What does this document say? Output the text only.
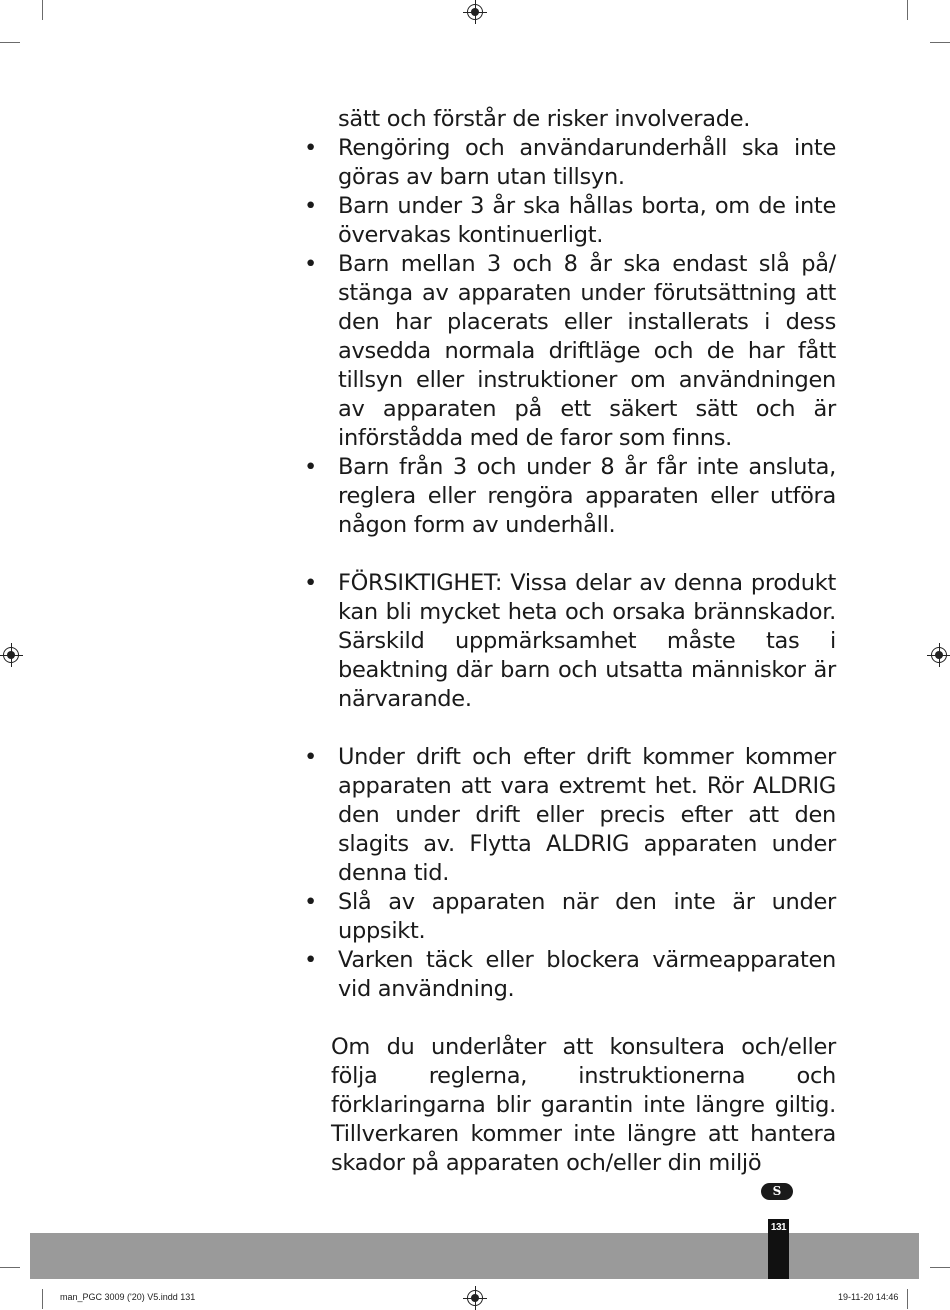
sätt och förstår de risker involverade.

• Rengöring och användarunderhåll ska inte göras av barn utan tillsyn.

• Barn under 3 år ska hållas borta, om de inte övervakas kontinuerligt.

• Barn mellan 3 och 8 år ska endast slå på/ stänga av apparaten under förutsättning att den har placerats eller installerats i dess avsedda normala driftläge och de har fått tillsyn eller instruktioner om användningen av apparaten på ett säkert sätt och är införstådda med de faror som finns.

• Barn från 3 och under 8 år får inte ansluta, reglera eller rengöra apparaten eller utföra någon form av underhåll.

• FÖRSIKTIGHET: Vissa delar av denna produkt kan bli mycket heta och orsaka brännskador. Särskild uppmärksamhet måste tas i beaktning där barn och utsatta människor är närvarande.

• Under drift och efter drift kommer kommer apparaten att vara extremt het. Rör ALDRIG den under drift eller precis efter att den slagits av. Flytta ALDRIG apparaten under denna tid.

• Slå av apparaten när den inte är under uppsikt.

• Varken täck eller blockera värmeapparaten vid användning.

Om du underlåter att konsultera och/eller följa reglerna, instruktionerna och förklaringarna blir garantin inte längre giltig. Tillverkaren kommer inte längre att hantera skador på apparaten och/eller din miljö

S
131
man_PGC 3009 ('20) V5.indd 131	19-11-20 14:46
